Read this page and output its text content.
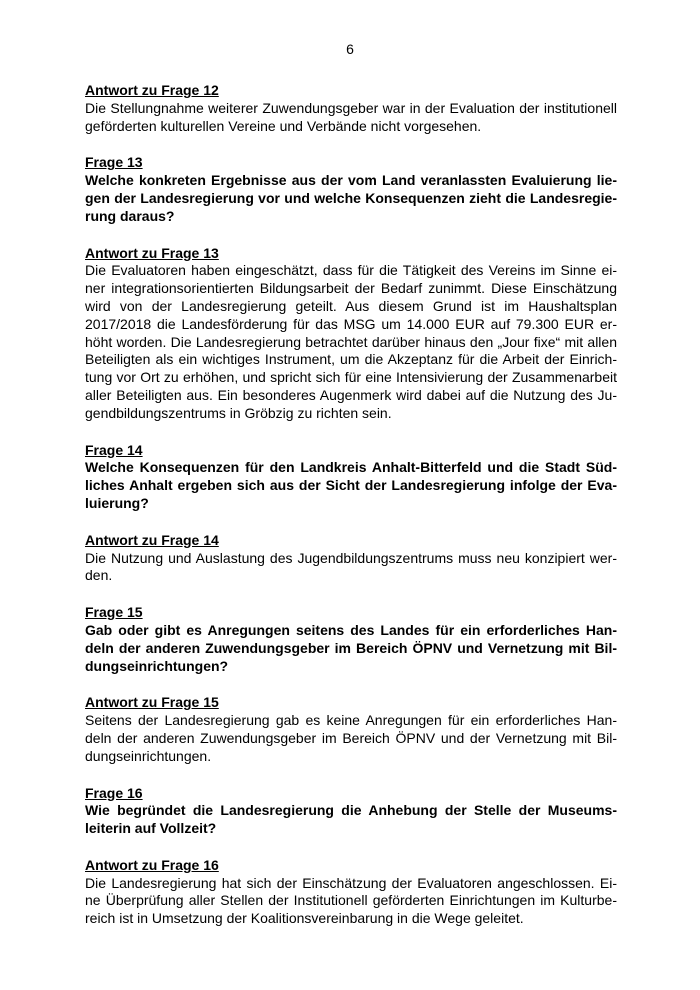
6
Antwort zu Frage 12
Die Stellungnahme weiterer Zuwendungsgeber war in der Evaluation der institutionell
geförderten kulturellen Vereine und Verbände nicht vorgesehen.
Frage 13
Welche konkreten Ergebnisse aus der vom Land veranlassten Evaluierung lie-
gen der Landesregierung vor und welche Konsequenzen zieht die Landesregie-
rung daraus?
Antwort zu Frage 13
Die Evaluatoren haben eingeschätzt, dass für die Tätigkeit des Vereins im Sinne ei-
ner integrationsorientierten Bildungsarbeit der Bedarf zunimmt. Diese Einschätzung
wird von der Landesregierung geteilt. Aus diesem Grund ist im Haushaltsplan
2017/2018 die Landesförderung für das MSG um 14.000 EUR auf 79.300 EUR er-
höht worden. Die Landesregierung betrachtet darüber hinaus den „Jour fixe“ mit allen
Beteiligten als ein wichtiges Instrument, um die Akzeptanz für die Arbeit der Einrich-
tung vor Ort zu erhöhen, und spricht sich für eine Intensivierung der Zusammenarbeit
aller Beteiligten aus. Ein besonderes Augenmerk wird dabei auf die Nutzung des Ju-
gendbildungszentrums in Gröbzig zu richten sein.
Frage 14
Welche Konsequenzen für den Landkreis Anhalt-Bitterfeld und die Stadt Süd-
liches Anhalt ergeben sich aus der Sicht der Landesregierung infolge der Eva-
luierung?
Antwort zu Frage 14
Die Nutzung und Auslastung des Jugendbildungszentrums muss neu konzipiert wer-
den.
Frage 15
Gab oder gibt es Anregungen seitens des Landes für ein erforderliches Han-
deln der anderen Zuwendungsgeber im Bereich ÖPNV und Vernetzung mit Bil-
dungseinrichtungen?
Antwort zu Frage 15
Seitens der Landesregierung gab es keine Anregungen für ein erforderliches Han-
deln der anderen Zuwendungsgeber im Bereich ÖPNV und der Vernetzung mit Bil-
dungseinrichtungen.
Frage 16
Wie begründet die Landesregierung die Anhebung der Stelle der Museums-
leiterin auf Vollzeit?
Antwort zu Frage 16
Die Landesregierung hat sich der Einschätzung der Evaluatoren angeschlossen. Ei-
ne Überprüfung aller Stellen der Institutionell geförderten Einrichtungen im Kulturbe-
reich ist in Umsetzung der Koalitionsvereinbarung in die Wege geleitet.
